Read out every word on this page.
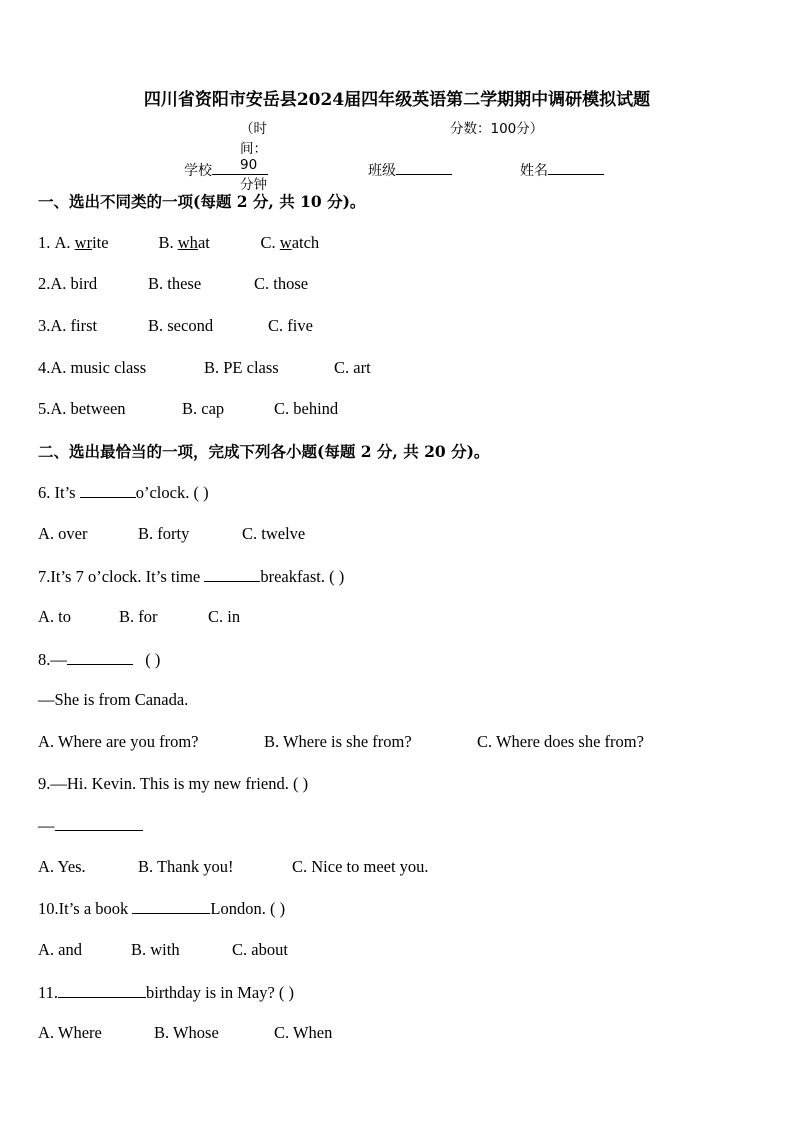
四川省资阳市安岳县2024届四年级英语第二学期期中调研模拟试题
（时间：90分钟
分数：100分）
学校	班级	姓名
一、选出不同类的一项(每题 2 分, 共 10 分)。
1. A. write	B. what	C. watch
2.A. bird	B. these	C. those
3.A. first	B. second	C. five
4.A. music class	B. PE class	C. art
5.A. between	B. cap	C. behind
二、选出最恰当的一项，完成下列各小题(每题 2 分, 共 20 分)。
6. It’s	o’clock. ( )
A. over	B. forty	C. twelve
7.It’s 7 o’clock. It’s time	breakfast. ( )
A. to	B. for	C. in
8.—	( )
—She is from Canada.
A. Where are you from?	B. Where is she from?	C. Where does she from?
9.—Hi. Kevin. This is my new friend. ( )
—
A. Yes.	B. Thank you!	C. Nice to meet you.
10.It’s a book	London. ( )
A. and	B. with	C. about
11.	birthday is in May? ( )
A. Where	B. Whose	C. When
